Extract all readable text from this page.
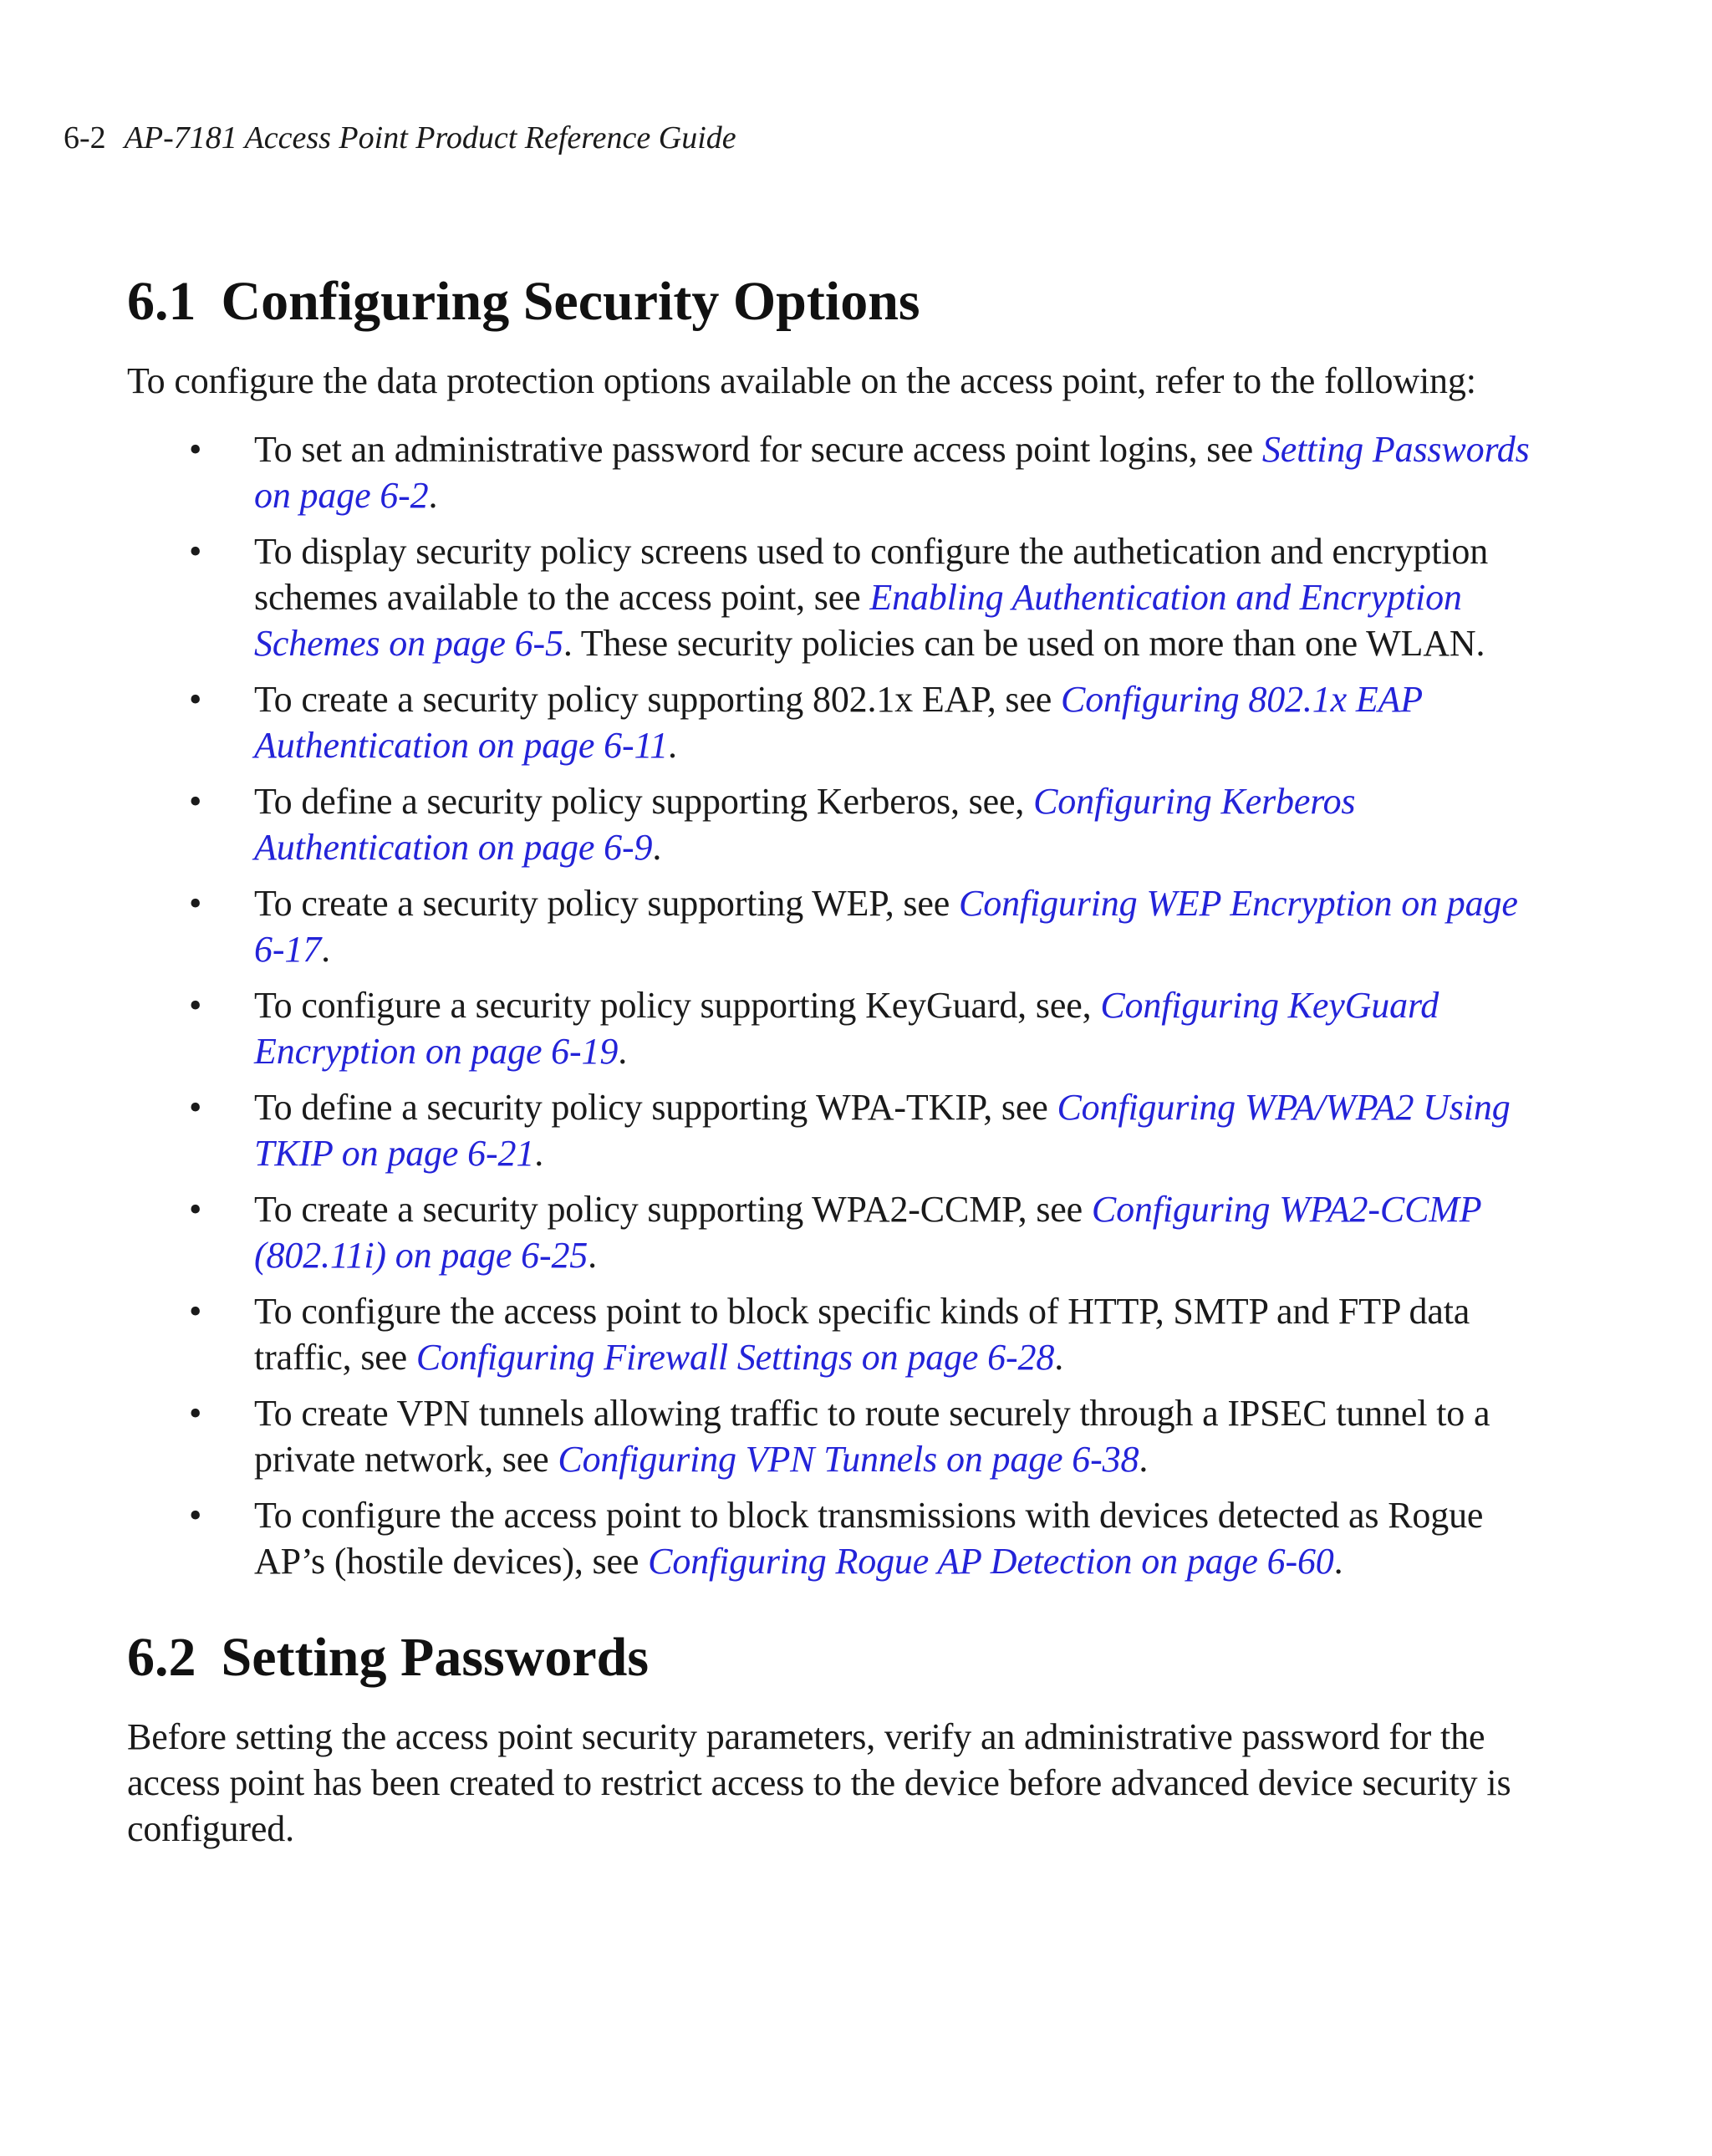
6-2 AP-7181 Access Point Product Reference Guide
6.1 Configuring Security Options

To configure the data protection options available on the access point, refer to the following:

• To set an administrative password for secure access point logins, see Setting Passwords on page 6-2.
• To display security policy screens used to configure the authetication and encryption schemes available to the access point, see Enabling Authentication and Encryption Schemes on page 6-5. These security policies can be used on more than one WLAN.
• To create a security policy supporting 802.1x EAP, see Configuring 802.1x EAP Authentication on page 6-11.
• To define a security policy supporting Kerberos, see, Configuring Kerberos Authentication on page 6-9.
• To create a security policy supporting WEP, see Configuring WEP Encryption on page 6-17.
• To configure a security policy supporting KeyGuard, see, Configuring KeyGuard Encryption on page 6-19.
• To define a security policy supporting WPA-TKIP, see Configuring WPA/WPA2 Using TKIP on page 6-21.
• To create a security policy supporting WPA2-CCMP, see Configuring WPA2-CCMP (802.11i) on page 6-25.
• To configure the access point to block specific kinds of HTTP, SMTP and FTP data traffic, see Configuring Firewall Settings on page 6-28.
• To create VPN tunnels allowing traffic to route securely through a IPSEC tunnel to a private network, see Configuring VPN Tunnels on page 6-38.
• To configure the access point to block transmissions with devices detected as Rogue AP’s (hostile devices), see Configuring Rogue AP Detection on page 6-60.
6.2 Setting Passwords

Before setting the access point security parameters, verify an administrative password for the access point has been created to restrict access to the device before advanced device security is configured.
